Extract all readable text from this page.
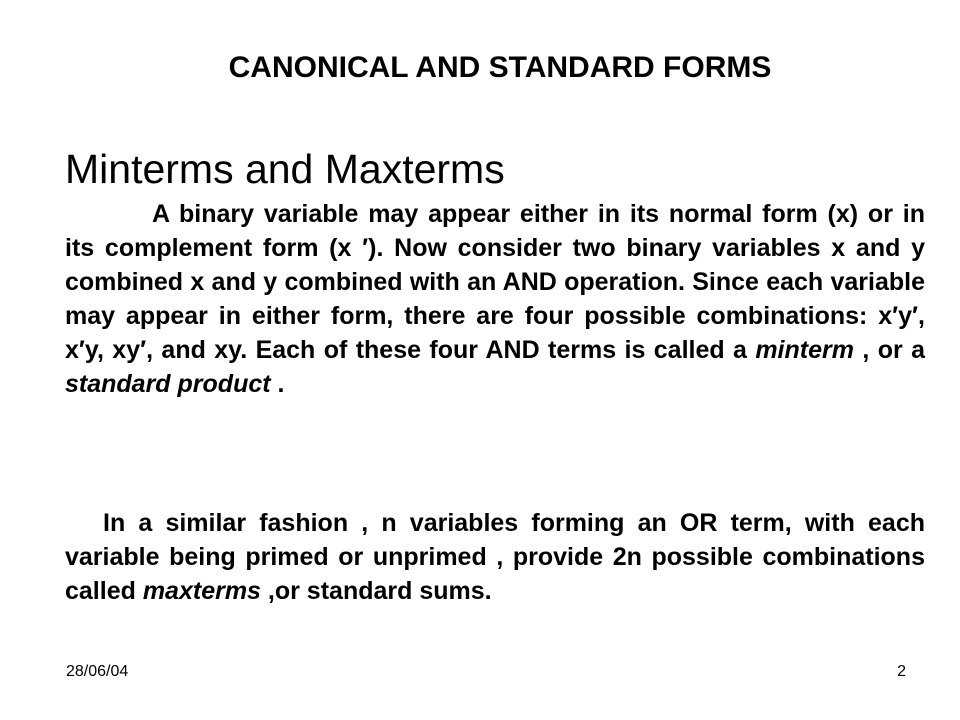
CANONICAL AND STANDARD FORMS
Minterms and Maxterms

A binary variable may appear either in its normal form (x) or in its complement form (x ′). Now consider two binary variables x and y combined x and y combined with an AND operation. Since each variable may appear in either form, there are four possible combinations: x′y′, x′y, xy′, and xy. Each of these four AND terms is called a minterm , or a standard product .

In a similar fashion , n variables forming an OR term, with each variable being primed or unprimed , provide 2n possible combinations called maxterms ,or standard sums.

28/06/04	2
